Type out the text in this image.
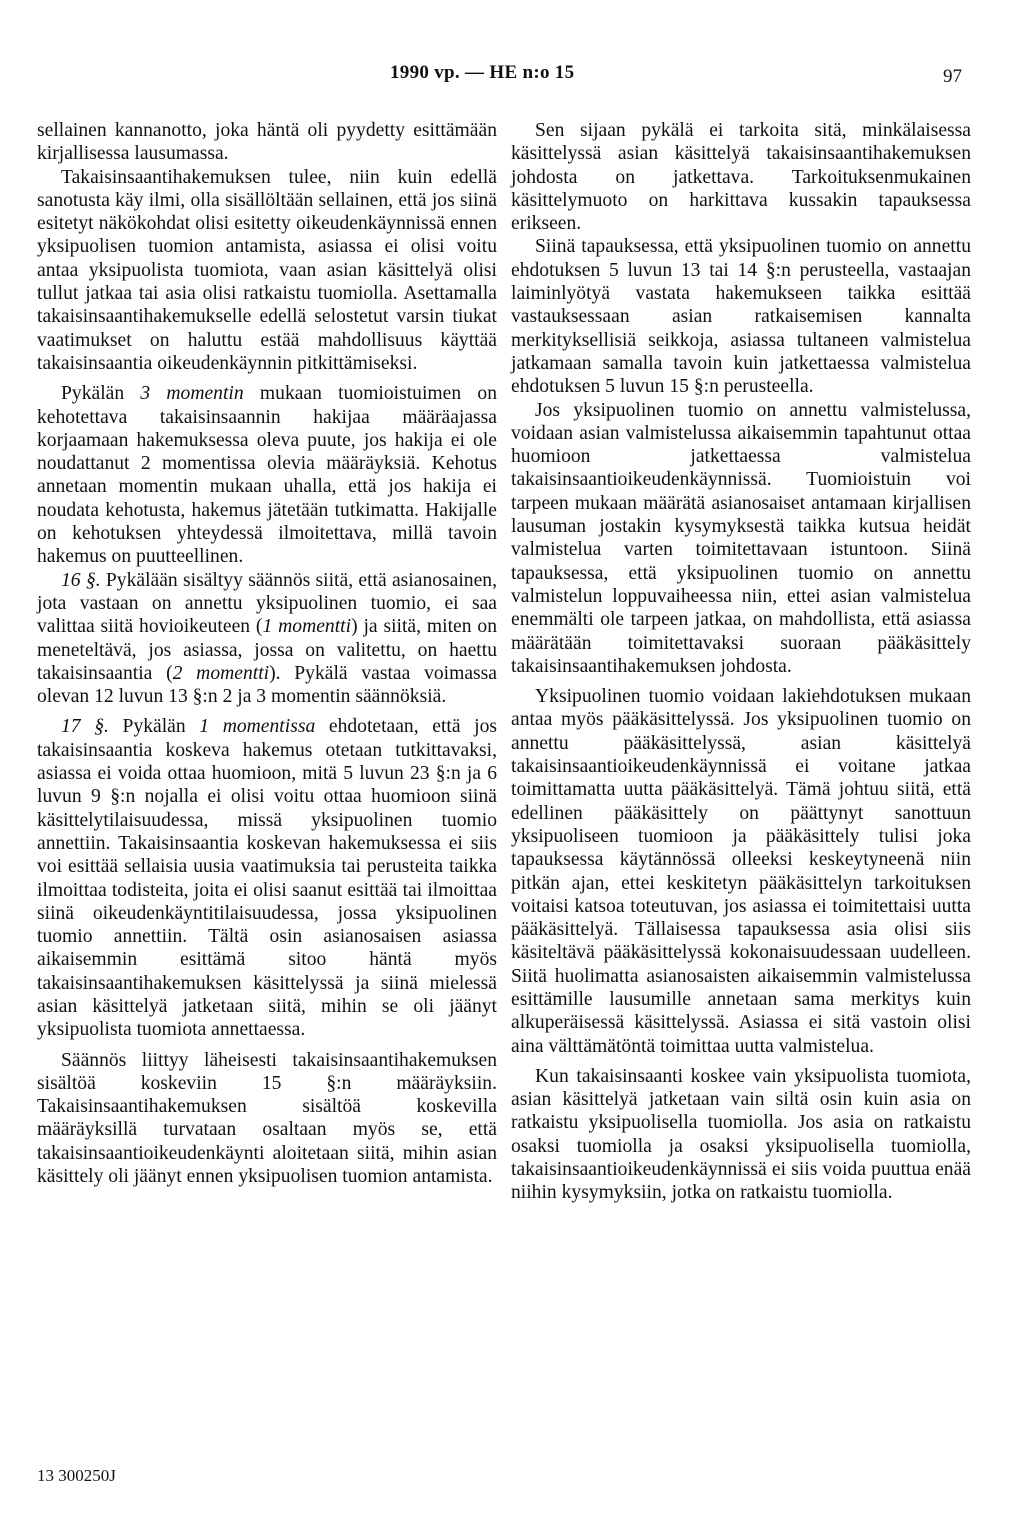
1990 vp. — HE n:o 15	97

sellainen kannanotto, joka häntä oli pyydetty esittämään kirjallisessa lausumassa.

Takaisinsaantihakemuksen tulee, niin kuin edellä sanotusta käy ilmi, olla sisällöltään sellainen, että jos siinä esitetyt näkökohdat olisi esitetty oikeudenkäynnissä ennen yksipuolisen tuomion antamista, asiassa ei olisi voitu antaa yksipuolista tuomiota, vaan asian käsittelyä olisi tullut jatkaa tai asia olisi ratkaistu tuomiolla. Asettamalla takaisinsaantihakemukselle edellä selostetut varsin tiukat vaatimukset on haluttu estää mahdollisuus käyttää takaisinsaantia oikeudenkäynnin pitkittämiseksi.

Pykälän 3 momentin mukaan tuomioistuimen on kehotettava takaisinsaannin hakijaa määräajassa korjaamaan hakemuksessa oleva puute, jos hakija ei ole noudattanut 2 momentissa olevia määräyksiä. Kehotus annetaan momentin mukaan uhalla, että jos hakija ei noudata kehotusta, hakemus jätetään tutkimatta. Hakijalle on kehotuksen yhteydessä ilmoitettava, millä tavoin hakemus on puutteellinen.

16 §. Pykälään sisältyy säännös siitä, että asianosainen, jota vastaan on annettu yksipuolinen tuomio, ei saa valittaa siitä hovioikeuteen (1 momentti) ja siitä, miten on meneteltävä, jos asiassa, jossa on valitettu, on haettu takaisinsaantia (2 momentti). Pykälä vastaa voimassa olevan 12 luvun 13 §:n 2 ja 3 momentin säännöksiä.

17 §. Pykälän 1 momentissa ehdotetaan, että jos takaisinsaantia koskeva hakemus otetaan tutkittavaksi, asiassa ei voida ottaa huomioon, mitä 5 luvun 23 §:n ja 6 luvun 9 §:n nojalla ei olisi voitu ottaa huomioon siinä käsittelytilaisuudessa, missä yksipuolinen tuomio annettiin. Takaisinsaantia koskevan hakemuksessa ei siis voi esittää sellaisia uusia vaatimuksia tai perusteita taikka ilmoittaa todisteita, joita ei olisi saanut esittää tai ilmoittaa siinä oikeudenkäyntitilaisuudessa, jossa yksipuolinen tuomio annettiin. Tältä osin asianosaisen asiassa aikaisemmin esittämä sitoo häntä myös takaisinsaantihakemuksen käsittelyssä ja siinä mielessä asian käsittelyä jatketaan siitä, mihin se oli jäänyt yksipuolista tuomiota annettaessa.

Säännös liittyy läheisesti takaisinsaantihakemuksen sisältöä koskeviin 15 §:n määräyksiin. Takaisinsaantihakemuksen sisältöä koskevilla määräyksillä turvataan osaltaan myös se, että takaisinsaantioikeudenkäynti aloitetaan siitä, mihin asian käsittely oli jäänyt ennen yksipuolisen tuomion antamista.

Sen sijaan pykälä ei tarkoita sitä, minkälaisessa käsittelyssä asian käsittelyä takaisinsaantihakemuksen johdosta on jatkettava. Tarkoituksenmukainen käsittelymuoto on harkittava kussakin tapauksessa erikseen.

Siinä tapauksessa, että yksipuolinen tuomio on annettu ehdotuksen 5 luvun 13 tai 14 §:n perusteella, vastaajan laiminlyötyä vastata hakemukseen taikka esittää vastauksessaan asian ratkaisemisen kannalta merkityksellisiä seikkoja, asiassa tultaneen valmistelua jatkamaan samalla tavoin kuin jatkettaessa valmistelua ehdotuksen 5 luvun 15 §:n perusteella.

Jos yksipuolinen tuomio on annettu valmistelussa, voidaan asian valmistelussa aikaisemmin tapahtunut ottaa huomioon jatkettaessa valmistelua takaisinsaantioikeudenkäynnissä. Tuomioistuin voi tarpeen mukaan määrätä asianosaiset antamaan kirjallisen lausuman jostakin kysymyksestä taikka kutsua heidät valmistelua varten toimitettavaan istuntoon. Siinä tapauksessa, että yksipuolinen tuomio on annettu valmistelun loppuvaiheessa niin, ettei asian valmistelua enemmälti ole tarpeen jatkaa, on mahdollista, että asiassa määrätään toimitettavaksi suoraan pääkäsittely takaisinsaantihakemuksen johdosta.

Yksipuolinen tuomio voidaan lakiehdotuksen mukaan antaa myös pääkäsittelyssä. Jos yksipuolinen tuomio on annettu pääkäsittelyssä, asian käsittelyä takaisinsaantioikeudenkäynnissä ei voitane jatkaa toimittamatta uutta pääkäsittelyä. Tämä johtuu siitä, että edellinen pääkäsittely on päättynyt sanottuun yksipuoliseen tuomioon ja pääkäsittely tulisi joka tapauksessa käytännössä olleeksi keskeytyneenä niin pitkän ajan, ettei keskitetyn pääkäsittelyn tarkoituksen voitaisi katsoa toteutuvan, jos asiassa ei toimitettaisi uutta pääkäsittelyä. Tällaisessa tapauksessa asia olisi siis käsiteltävä pääkäsittelyssä kokonaisuudessaan uudelleen. Siitä huolimatta asianosaisten aikaisemmin valmistelussa esittämille lausumille annetaan sama merkitys kuin alkuperäisessä käsittelyssä. Asiassa ei sitä vastoin olisi aina välttämätöntä toimittaa uutta valmistelua.

Kun takaisinsaanti koskee vain yksipuolista tuomiota, asian käsittelyä jatketaan vain siltä osin kuin asia on ratkaistu yksipuolisella tuomiolla. Jos asia on ratkaistu osaksi tuomiolla ja osaksi yksipuolisella tuomiolla, takaisinsaantioikeudenkäynnissä ei siis voida puuttua enää niihin kysymyksiin, jotka on ratkaistu tuomiolla.

13 300250J
